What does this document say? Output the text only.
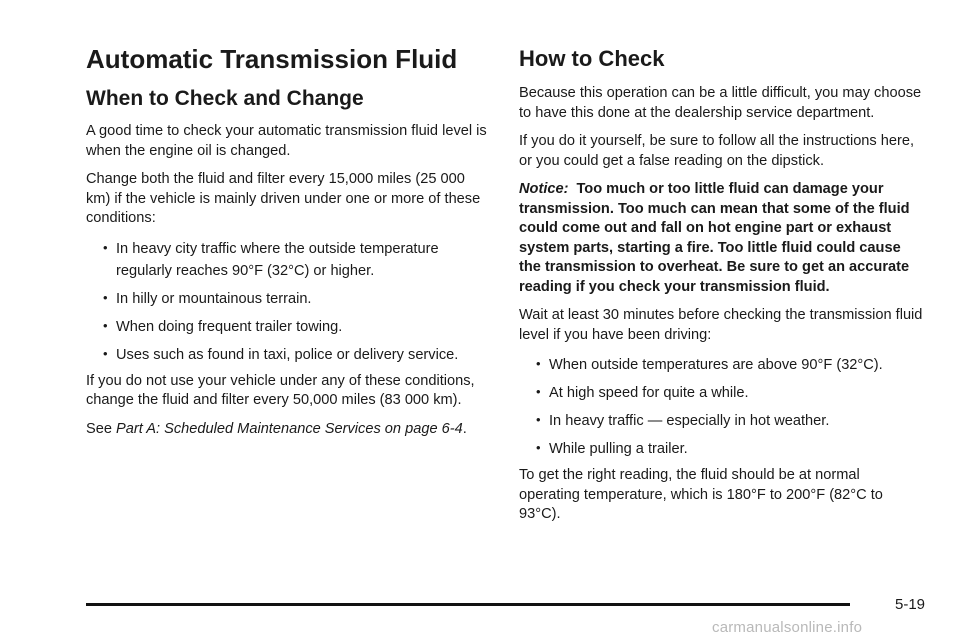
Automatic Transmission Fluid
When to Check and Change

A good time to check your automatic transmission fluid level is when the engine oil is changed.

Change both the fluid and filter every 15,000 miles (25 000 km) if the vehicle is mainly driven under one or more of these conditions:

• In heavy city traffic where the outside temperature regularly reaches 90°F (32°C) or higher.
• In hilly or mountainous terrain.
• When doing frequent trailer towing.
• Uses such as found in taxi, police or delivery service.

If you do not use your vehicle under any of these conditions, change the fluid and filter every 50,000 miles (83 000 km).

See Part A: Scheduled Maintenance Services on page 6-4.

How to Check

Because this operation can be a little difficult, you may choose to have this done at the dealership service department.

If you do it yourself, be sure to follow all the instructions here, or you could get a false reading on the dipstick.

Notice: Too much or too little fluid can damage your transmission. Too much can mean that some of the fluid could come out and fall on hot engine part or exhaust system parts, starting a fire. Too little fluid could cause the transmission to overheat. Be sure to get an accurate reading if you check your transmission fluid.

Wait at least 30 minutes before checking the transmission fluid level if you have been driving:

• When outside temperatures are above 90°F (32°C).
• At high speed for quite a while.
• In heavy traffic — especially in hot weather.
• While pulling a trailer.

To get the right reading, the fluid should be at normal operating temperature, which is 180°F to 200°F (82°C to 93°C).

5-19
carmanualsonline.info
